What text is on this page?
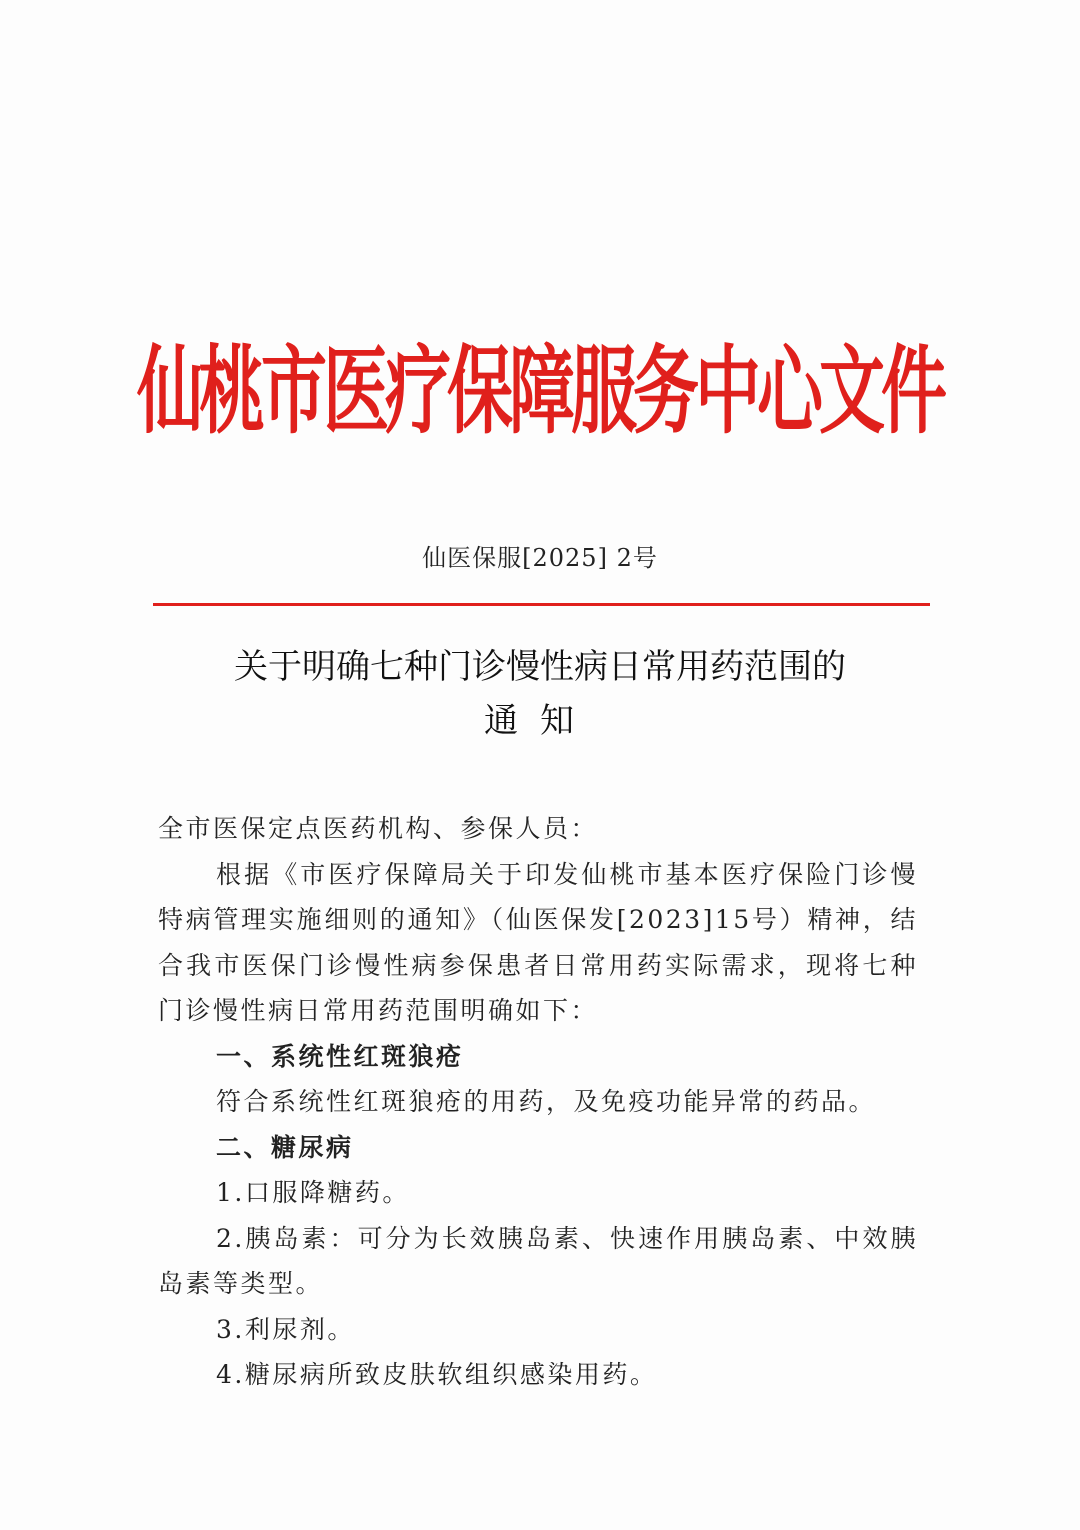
仙桃市医疗保障服务中心文件
仙医保服[2025] 2号
关于明确七种门诊慢性病日常用药范围的
通知

全市医保定点医药机构、参保人员：

根据《市医疗保障局关于印发仙桃市基本医疗保险门诊慢特病管理实施细则的通知》（仙医保发[2023]15号）精神，结合我市医保门诊慢性病参保患者日常用药实际需求，现将七种门诊慢性病日常用药范围明确如下：

一、系统性红斑狼疮

符合系统性红斑狼疮的用药，及免疫功能异常的药品。

二、糖尿病

1.口服降糖药。

2.胰岛素：可分为长效胰岛素、快速作用胰岛素、中效胰岛素等类型。

3.利尿剂。

4.糖尿病所致皮肤软组织感染用药。
